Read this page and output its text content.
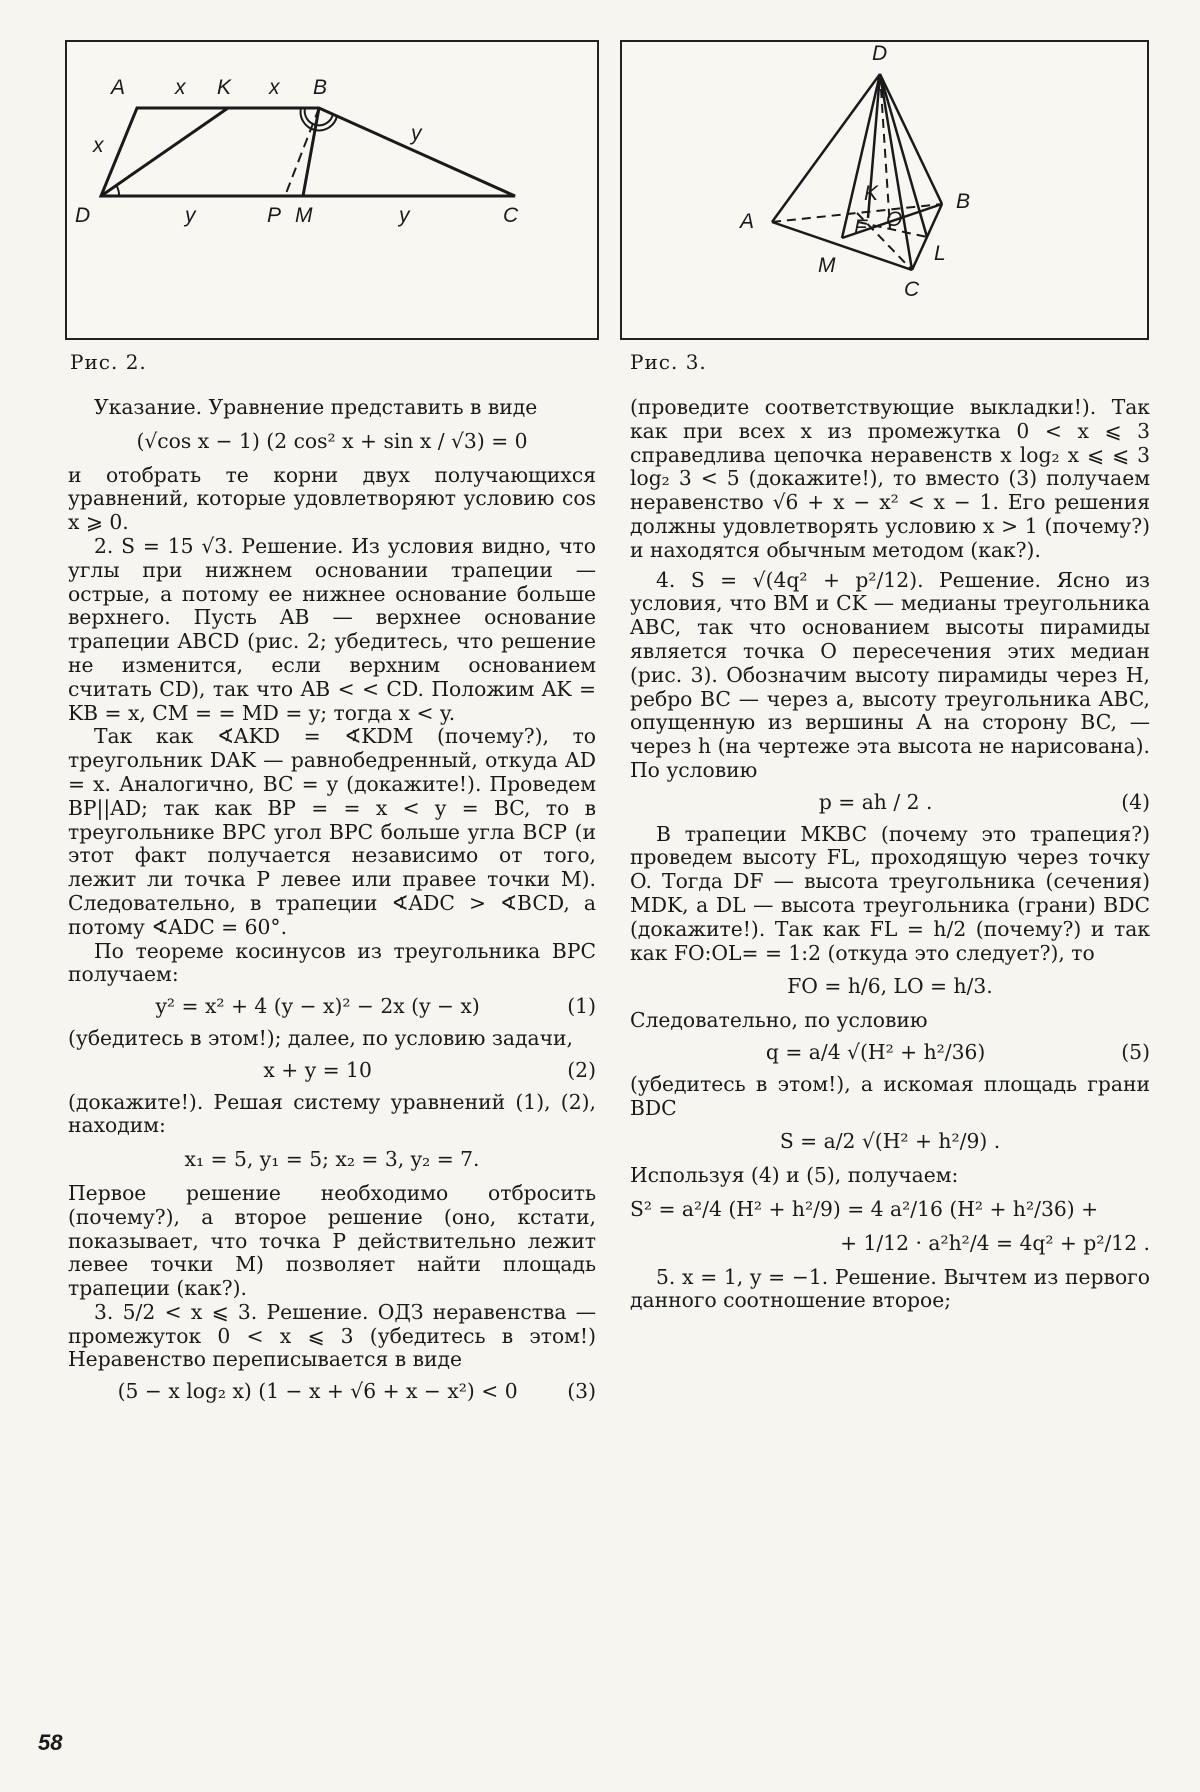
A x K x B
x
y
D	y	P M	y	C
D
B
A
K
F O
M
L
C
Рис. 2.	Рис. 3.

Указание. Уравнение представить в виде

(√cos x − 1) (2 cos² x + sin x / √3) = 0

и отобрать те корни двух получающихся уравнений, которые удовлетворяют условию cos x ⩾ 0.

2. S = 15 √3. Решение. Из условия видно, что углы при нижнем основании трапеции — острые, а потому ее нижнее основание больше верхнего. Пусть AB — верхнее основание трапеции ABCD (рис. 2; убедитесь, что решение не изменится, если верхним основанием считать CD), так что AB < < CD. Положим AK = KB = x, CM = = MD = y; тогда x < y.

Так как ∢AKD = ∢KDM (почему?), то треугольник DAK — равнобедренный, откуда AD = x. Аналогично, BC = y (докажите!). Проведем BP||AD; так как BP = = x < y = BC, то в треугольнике BPC угол BPC больше угла BCP (и этот факт получается независимо от того, лежит ли точка P левее или правее точки M). Следовательно, в трапеции ∢ADC > ∢BCD, а потому ∢ADC = 60°.

По теореме косинусов из треугольника BPC получаем:

y² = x² + 4 (y − x)² − 2x (y − x)	(1)

(убедитесь в этом!); далее, по условию задачи,

x + y = 10	(2)

(докажите!). Решая систему уравнений (1), (2), находим:

x₁ = 5, y₁ = 5; x₂ = 3, y₂ = 7.

Первое решение необходимо отбросить (почему?), а второе решение (оно, кстати, показывает, что точка P действительно лежит левее точки M) позволяет найти площадь трапеции (как?).

3. 5/2 < x ⩽ 3. Решение. ОДЗ неравенства — промежуток 0 < x ⩽ 3 (убедитесь в этом!) Неравенство переписывается в виде

(5 − x log₂ x) (1 − x + √6 + x − x²) < 0	(3)

(проведите соответствующие выкладки!). Так как при всех x из промежутка 0 < x ⩽ 3 справедлива цепочка неравенств x log₂ x ⩽ ⩽ 3 log₂ 3 < 5 (докажите!), то вместо (3) получаем неравенство √6 + x − x² < x − 1. Его решения должны удовлетворять условию x > 1 (почему?) и находятся обычным методом (как?).

4. S = √(4q² + p²/12). Решение. Ясно из условия, что BM и CK — медианы треугольника ABC, так что основанием высоты пирамиды является точка O пересечения этих медиан (рис. 3). Обозначим высоту пирамиды через H, ребро BC — через a, высоту треугольника ABC, опущенную из вершины A на сторону BC, — через h (на чертеже эта высота не нарисована). По условию

p = ah / 2 .	(4)

В трапеции MKBC (почему это трапеция?) проведем высоту FL, проходящую через точку O. Тогда DF — высота треугольника (сечения) MDK, а DL — высота треугольника (грани) BDC (докажите!). Так как FL = h/2 (почему?) и так как FO:OL= = 1:2 (откуда это следует?), то

FO = h/6, LO = h/3.

Следовательно, по условию

q = a/4 √(H² + h²/36)	(5)

(убедитесь в этом!), а искомая площадь грани BDC

S = a/2 √(H² + h²/9) .

Используя (4) и (5), получаем:

S² = a²/4 (H² + h²/9) = 4 a²/16 (H² + h²/36) +
+ 1/12 · a²h²/4 = 4q² + p²/12 .

5. x = 1, y = −1. Решение. Вычтем из первого данного соотношение второе;

58
